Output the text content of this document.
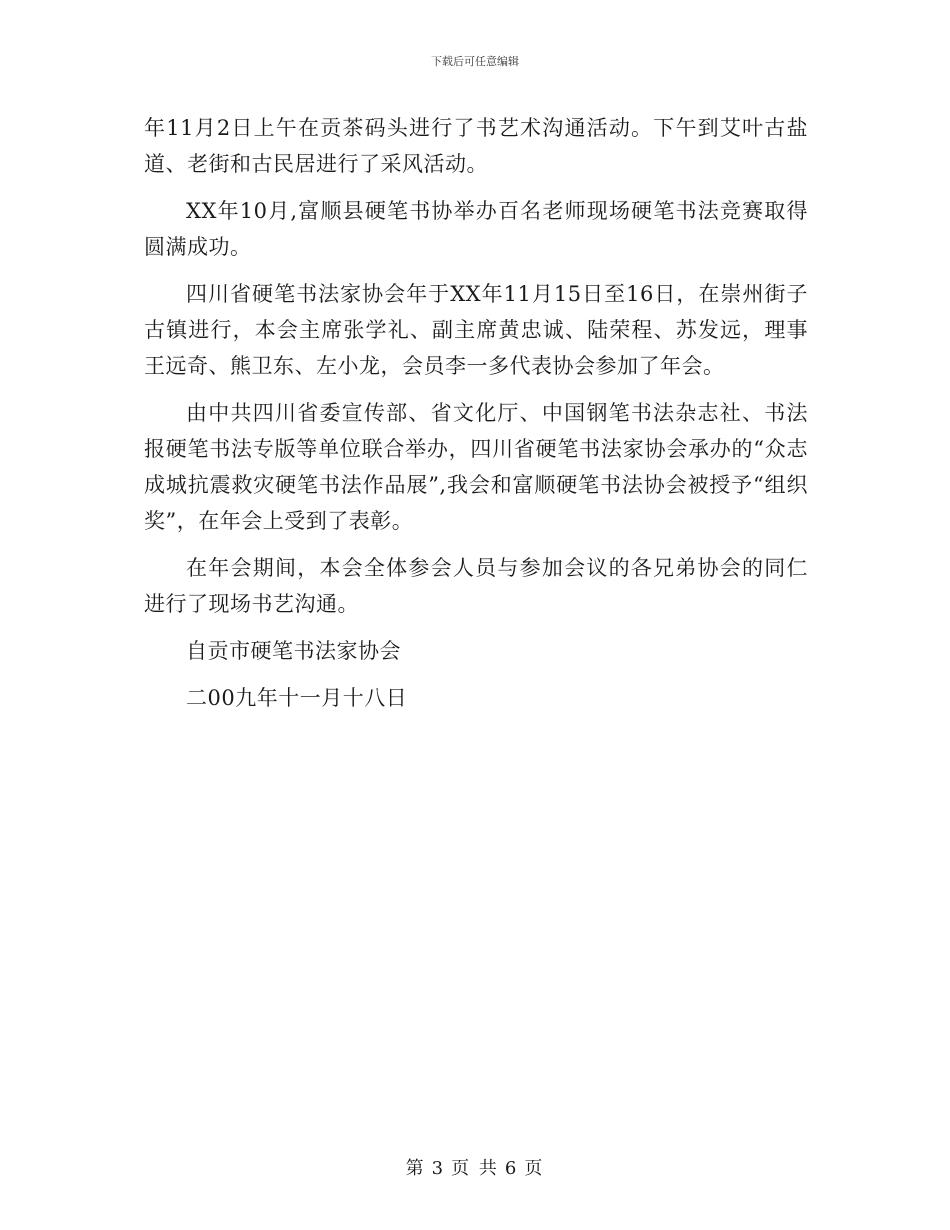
下载后可任意编辑

年11月2日上午在贡茶码头进行了书艺术沟通活动。下午到艾叶古盐道、老街和古民居进行了采风活动。

XX年10月,富顺县硬笔书协举办百名老师现场硬笔书法竞赛取得圆满成功。

四川省硬笔书法家协会年于XX年11月15日至16日，在崇州街子古镇进行，本会主席张学礼、副主席黄忠诚、陆荣程、苏发远，理事王远奇、熊卫东、左小龙，会员李一多代表协会参加了年会。

由中共四川省委宣传部、省文化厅、中国钢笔书法杂志社、书法报硬笔书法专版等单位联合举办，四川省硬笔书法家协会承办的“众志成城抗震救灾硬笔书法作品展”,我会和富顺硬笔书法协会被授予“组织奖”，在年会上受到了表彰。

在年会期间，本会全体参会人员与参加会议的各兄弟协会的同仁进行了现场书艺沟通。

自贡市硬笔书法家协会

二00九年十一月十八日

第 3 页 共 6 页
